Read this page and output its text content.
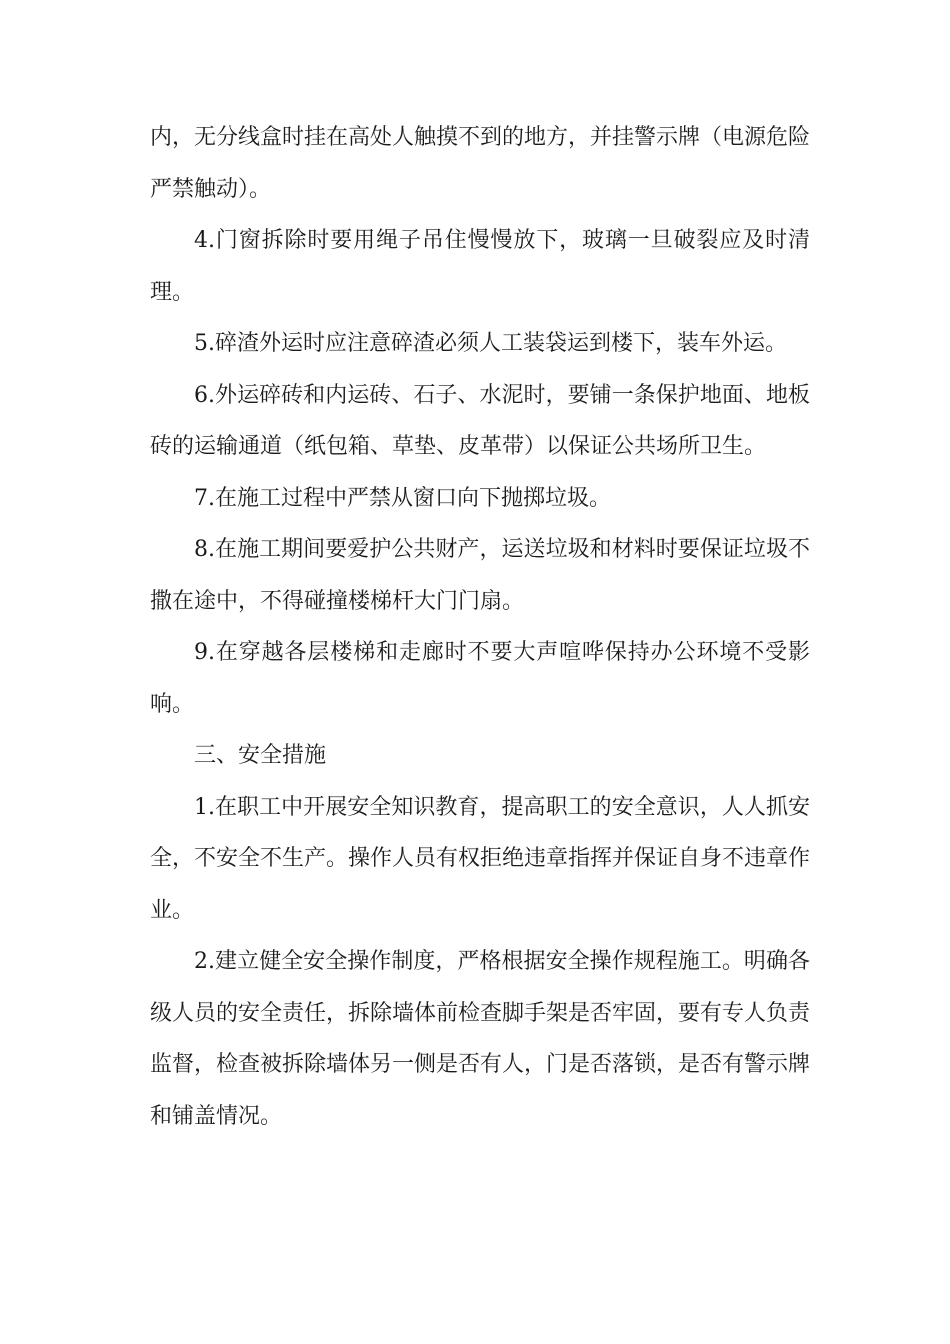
内，无分线盒时挂在高处人触摸不到的地方，并挂警示牌（电源危险严禁触动）。

4.门窗拆除时要用绳子吊住慢慢放下，玻璃一旦破裂应及时清理。

5.碎渣外运时应注意碎渣必须人工装袋运到楼下，装车外运。

6.外运碎砖和内运砖、石子、水泥时，要铺一条保护地面、地板砖的运输通道（纸包箱、草垫、皮革带）以保证公共场所卫生。

7.在施工过程中严禁从窗口向下抛掷垃圾。

8.在施工期间要爱护公共财产，运送垃圾和材料时要保证垃圾不撒在途中，不得碰撞楼梯杆大门门扇。

9.在穿越各层楼梯和走廊时不要大声喧哗保持办公环境不受影响。

三、安全措施

1.在职工中开展安全知识教育，提高职工的安全意识，人人抓安全，不安全不生产。操作人员有权拒绝违章指挥并保证自身不违章作业。

2.建立健全安全操作制度，严格根据安全操作规程施工。明确各级人员的安全责任，拆除墙体前检查脚手架是否牢固，要有专人负责监督，检查被拆除墙体另一侧是否有人，门是否落锁，是否有警示牌和铺盖情况。
